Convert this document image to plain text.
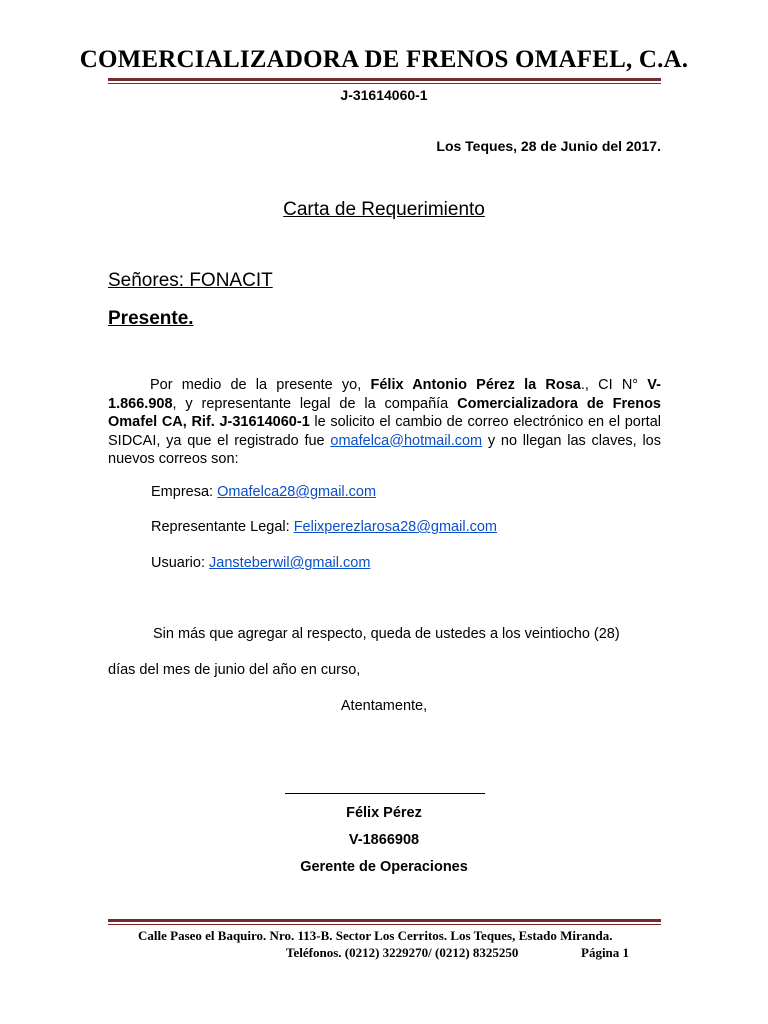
COMERCIALIZADORA DE FRENOS OMAFEL, C.A.
J-31614060-1
Los Teques, 28 de Junio del 2017.
Carta de Requerimiento
Señores: FONACIT
Presente.
Por medio de la presente yo, Félix Antonio Pérez la Rosa., CI N° V-1.866.908, y representante legal de la compañía Comercializadora de Frenos Omafel CA, Rif. J-31614060-1 le solicito el cambio de correo electrónico en el portal SIDCAI, ya que el registrado fue omafelca@hotmail.com y no llegan las claves, los nuevos correos son:
Empresa: Omafelca28@gmail.com
Representante Legal: Felixperezlarosa28@gmail.com
Usuario: Jansteberwil@gmail.com
Sin más que agregar al respecto, queda de ustedes a los veintiocho (28)
días del mes de junio del año en curso,
Atentamente,
Félix Pérez
V-1866908
Gerente de Operaciones
Calle Paseo el Baquiro. Nro. 113-B. Sector Los Cerritos. Los Teques, Estado Miranda.
Teléfonos. (0212) 3229270/ (0212) 8325250	Página 1
